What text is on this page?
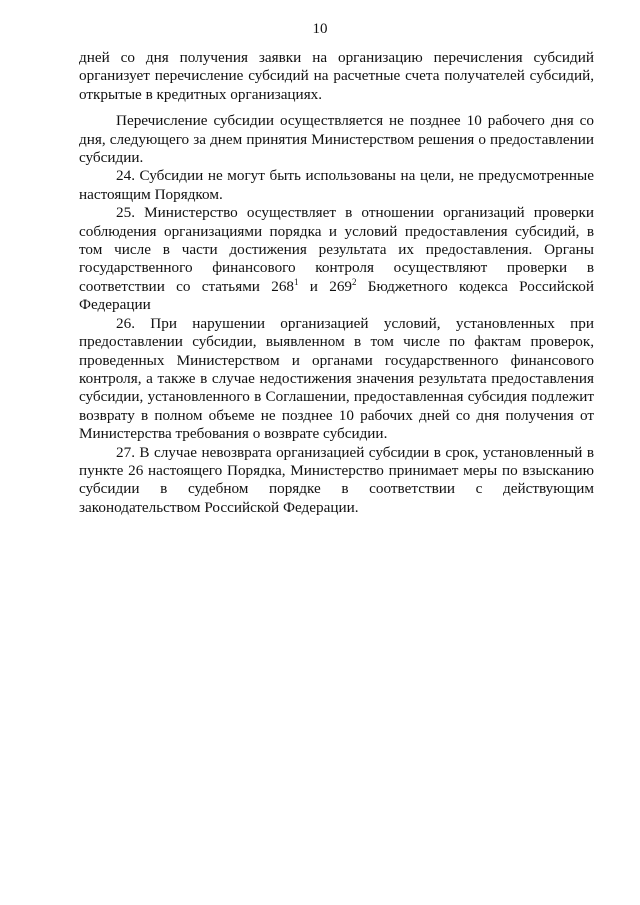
10

дней со дня получения заявки на организацию перечисления субсидий организует перечисление субсидий на расчетные счета получателей субсидий, открытые в кредитных организациях.

Перечисление субсидии осуществляется не позднее 10 рабочего дня со дня, следующего за днем принятия Министерством решения о предоставлении субсидии.

24. Субсидии не могут быть использованы на цели, не предусмотренные настоящим Порядком.

25. Министерство осуществляет в отношении организаций проверки соблюдения организациями порядка и условий предоставления субсидий, в том числе в части достижения результата их предоставления. Органы государственного финансового контроля осуществляют проверки в соответствии со статьями $268^1$ и $269^2$ Бюджетного кодекса Российской Федерации

26. При нарушении организацией условий, установленных при предоставлении субсидии, выявленном в том числе по фактам проверок, проведенных Министерством и органами государственного финансового контроля, а также в случае недостижения значения результата предоставления субсидии, установленного в Соглашении, предоставленная субсидия подлежит возврату в полном объеме не позднее 10 рабочих дней со дня получения от Министерства требования о возврате субсидии.

27. В случае невозврата организацией субсидии в срок, установленный в пункте 26 настоящего Порядка, Министерство принимает меры по взысканию субсидии в судебном порядке в соответствии с действующим законодательством Российской Федерации.
